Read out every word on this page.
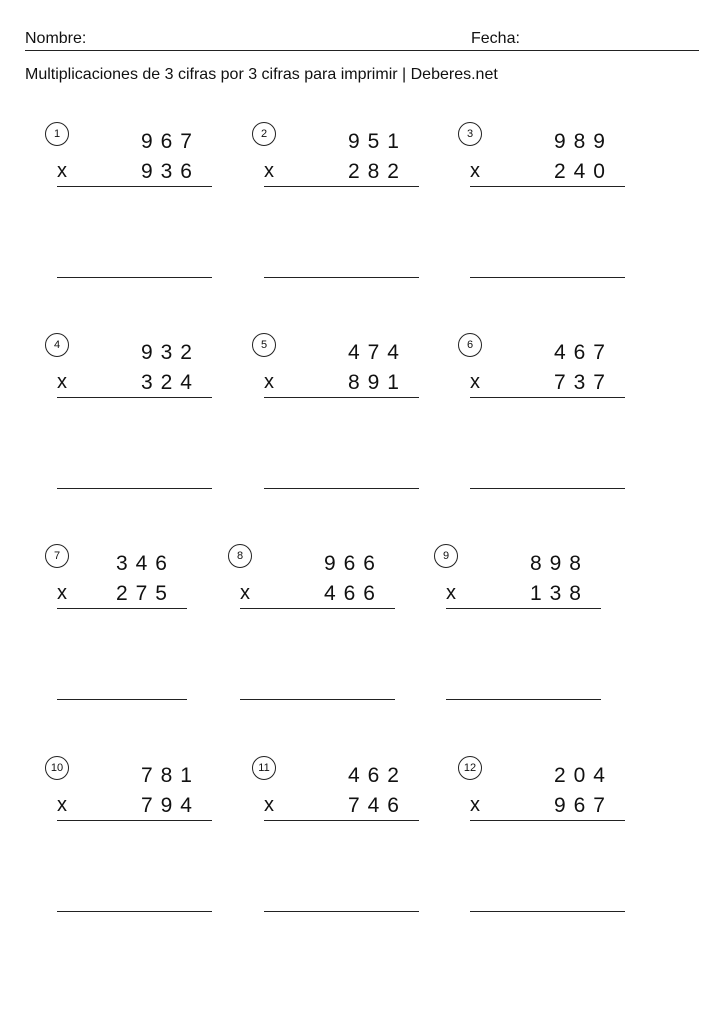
Nombre:	Fecha:
Multiplicaciones de 3 cifras por 3 cifras para imprimir | Deberes.net
1	967
x	936
2	951
x	282
3	989
x	240
4	932
x	324
5	474
x	891
6	467
x	737
7	346
x 275
8	966
x	466
9	898
x	138
10	781
x	794
11	462
x	746
12	204
x	967
